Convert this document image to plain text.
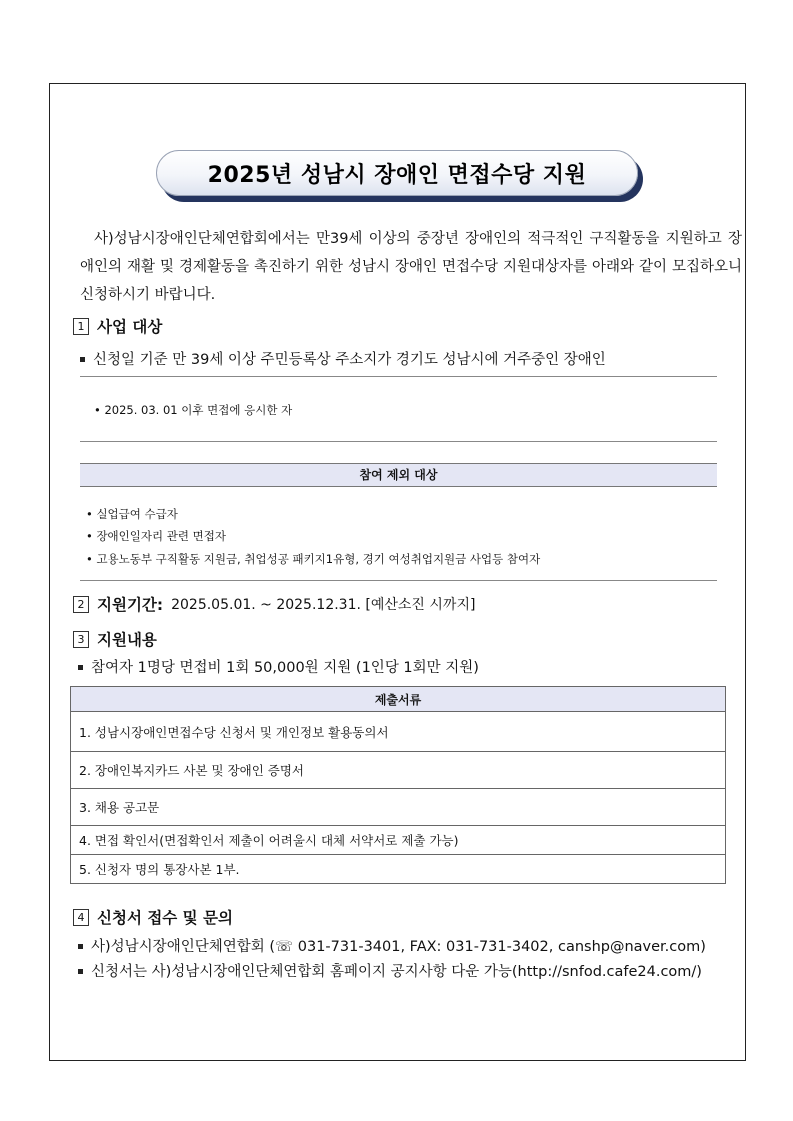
2025년 성남시 장애인 면접수당 지원

사)성남시장애인단체연합회에서는 만39세 이상의 중장년 장애인의 적극적인 구직활동을 지원하고 장애인의 재활 및 경제활동을 촉진하기 위한 성남시 장애인 면접수당 지원대상자를 아래와 같이 모집하오니 신청하시기 바랍니다.

1 사업 대상
신청일 기준 만 39세 이상 주민등록상 주소지가 경기도 성남시에 거주중인 장애인
• 2025. 03. 01 이후 면접에 응시한 자
참여 제외 대상
• 실업급여 수급자
• 장애인일자리 관련 면접자
• 고용노동부 구직활동 지원금, 취업성공 패키지1유형, 경기 여성취업지원금 사업등 참여자
2 지원기간: 2025.05.01. ~ 2025.12.31. [예산소진 시까지]
3 지원내용
참여자 1명당 면접비 1회 50,000원 지원 (1인당 1회만 지원)
제출서류
1. 성남시장애인면접수당 신청서 및 개인정보 활용동의서
2. 장애인복지카드 사본 및 장애인 증명서
3. 채용 공고문
4. 면접 확인서(면접확인서 제출이 어려울시 대체 서약서로 제출 가능)
5. 신청자 명의 통장사본 1부.
4 신청서 접수 및 문의
사)성남시장애인단체연합회 (☏ 031-731-3401, FAX: 031-731-3402, canshp@naver.com)
신청서는 사)성남시장애인단체연합회 홈페이지 공지사항 다운 가능(http://snfod.cafe24.com/)
